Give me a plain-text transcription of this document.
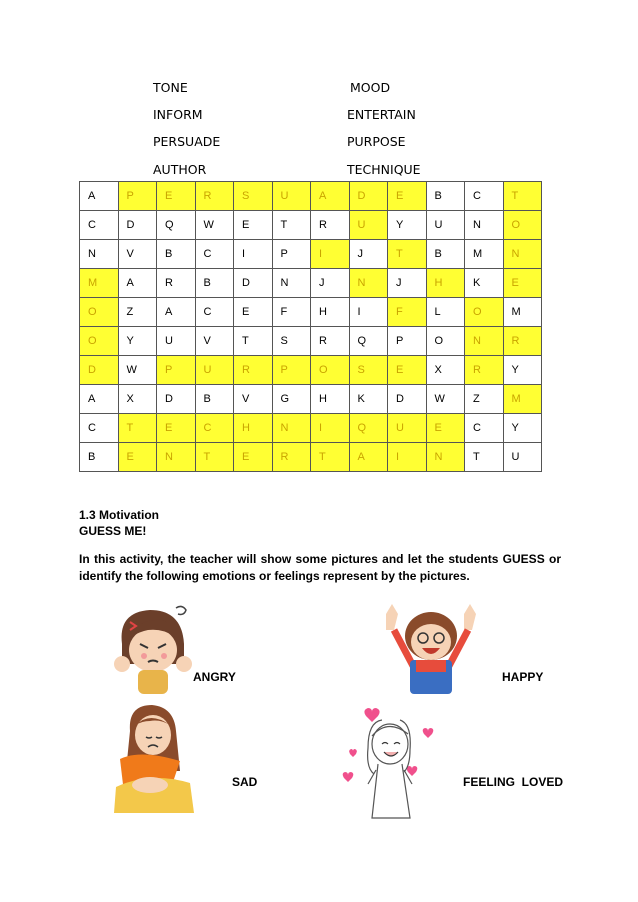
TONE
INFORM
PERSUADE
AUTHOR
MOOD
ENTERTAIN
PURPOSE
TECHNIQUE
A	P	E	R	S	U	A	D	E	B	C	T
C	D	Q	W	E	T	R	U	Y	U	N	O
N	V	B	C	I	P	I	J	T	B	M	N
M	A	R	B	D	N	J	N	J	H	K	E
O	Z	A	C	E	F	H	I	F	L	O	M
O	Y	U	V	T	S	R	Q	P	O	N	R
D	W	P	U	R	P	O	S	E	X	R	Y
A	X	D	B	V	G	H	K	D	W	Z	M
C	T	E	C	H	N	I	Q	U	E	C	Y
B	E	N	T	E	R	T	A	I	N	T	U
1.3 Motivation
GUESS ME!
In this activity, the teacher will show some pictures and let the students GUESS or identify the following emotions or feelings represent by the pictures.
ANGRY	HAPPY
SAD	FEELING  LOVED
